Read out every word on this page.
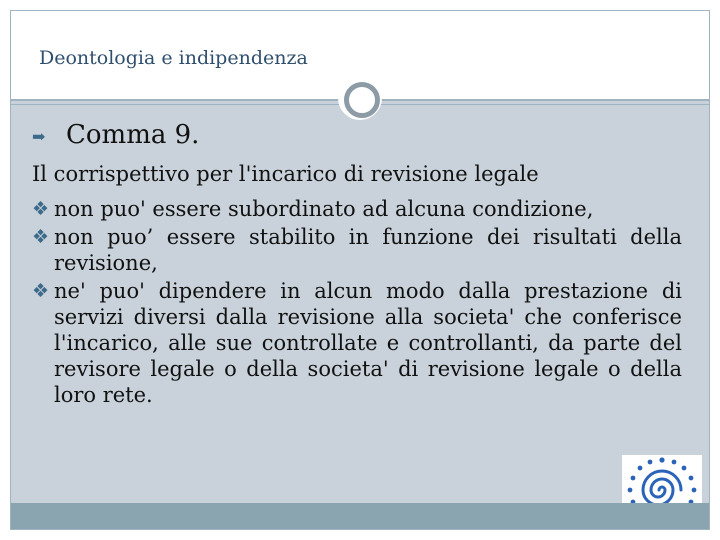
Deontologia e indipendenza
➡ Comma 9.
Il corrispettivo per l'incarico di revisione legale
❖ non puo' essere subordinato ad alcuna condizione,
❖ non puo’ essere stabilito in funzione dei risultati della revisione,
❖ ne' puo' dipendere in alcun modo dalla prestazione di servizi diversi dalla revisione alla societa' che conferisce l'incarico, alle sue controllate e controllanti, da parte del revisore legale o della societa' di revisione legale o della loro rete.
